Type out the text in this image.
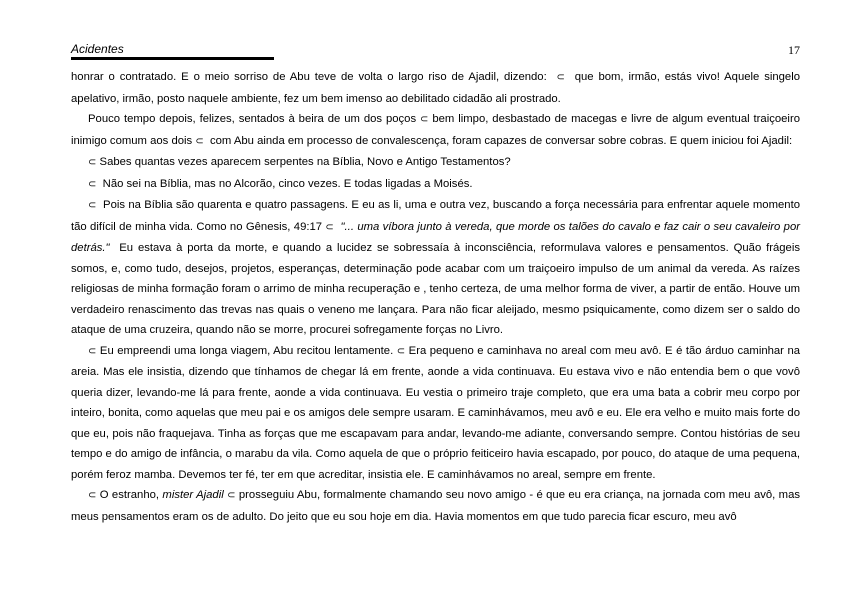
Acidentes	17

honrar o contratado. E o meio sorriso de Abu teve de volta o largo riso de Ajadil, dizendo: ⊂ que bom, irmão, estás vivo! Aquele singelo apelativo, irmão, posto naquele ambiente, fez um bem imenso ao debilitado cidadão ali prostrado.

Pouco tempo depois, felizes, sentados à beira de um dos poços ⊂ bem limpo, desbastado de macegas e livre de algum eventual traiçoeiro inimigo comum aos dois ⊂ com Abu ainda em processo de convalescença, foram capazes de conversar sobre cobras. E quem iniciou foi Ajadil:

⊂ Sabes quantas vezes aparecem serpentes na Bíblia, Novo e Antigo Testamentos?

⊂ Não sei na Bíblia, mas no Alcorão, cinco vezes. E todas ligadas a Moisés.

⊂ Pois na Bíblia são quarenta e quatro passagens. E eu as li, uma e outra vez, buscando a força necessária para enfrentar aquele momento tão difícil de minha vida. Como no Gênesis, 49:17 ⊂ "... uma víbora junto à vereda, que morde os talões do cavalo e faz cair o seu cavaleiro por detrás." Eu estava à porta da morte, e quando a lucidez se sobressaía à inconsciência, reformulava valores e pensamentos. Quão frágeis somos, e, como tudo, desejos, projetos, esperanças, determinação pode acabar com um traiçoeiro impulso de um animal da vereda. As raízes religiosas de minha formação foram o arrimo de minha recuperação e , tenho certeza, de uma melhor forma de viver, a partir de então. Houve um verdadeiro renascimento das trevas nas quais o veneno me lançara. Para não ficar aleijado, mesmo psiquicamente, como dizem ser o saldo do ataque de uma cruzeira, quando não se morre, procurei sofregamente forças no Livro.

⊂ Eu empreendi uma longa viagem, Abu recitou lentamente. ⊂ Era pequeno e caminhava no areal com meu avô. E é tão árduo caminhar na areia. Mas ele insistia, dizendo que tínhamos de chegar lá em frente, aonde a vida continuava. Eu estava vivo e não entendia bem o que vovô queria dizer, levando-me lá para frente, aonde a vida continuava. Eu vestia o primeiro traje completo, que era uma bata a cobrir meu corpo por inteiro, bonita, como aquelas que meu pai e os amigos dele sempre usaram. E caminhávamos, meu avô e eu. Ele era velho e muito mais forte do que eu, pois não fraquejava. Tinha as forças que me escapavam para andar, levando-me adiante, conversando sempre. Contou histórias de seu tempo e do amigo de infância, o marabu da vila. Como aquela de que o próprio feiticeiro havia escapado, por pouco, do ataque de uma pequena, porém feroz mamba. Devemos ter fé, ter em que acreditar, insistia ele. E caminhávamos no areal, sempre em frente.

⊂ O estranho, mister Ajadil ⊂ prosseguiu Abu, formalmente chamando seu novo amigo - é que eu era criança, na jornada com meu avô, mas meus pensamentos eram os de adulto. Do jeito que eu sou hoje em dia. Havia momentos em que tudo parecia ficar escuro, meu avô
